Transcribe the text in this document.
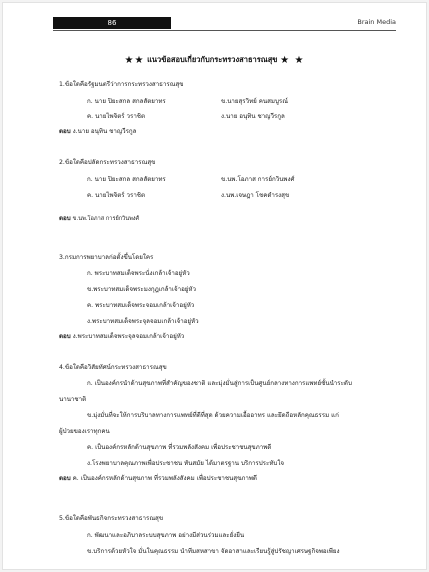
86	Brain Media
★★ แนวข้อสอบเกี่ยวกับกระทรวงสาธารณสุข ★ ★
1.ข้อใดคือรัฐมนตรีว่าการกระทรวงสาธารณสุข
ก. นาย ปิยะสกล สกลสัตยาทร	ข.นายสุรวิทย์ คนสมบูรณ์
ค. นายไพจิตร์ วราชิต	ง.นาย อนุทิน ชาญวีรกูล
ตอบ ง.นาย อนุทิน ชาญวีรกูล
2.ข้อใดคือปลัดกระทรวงสาธารณสุข
ก. นาย ปิยะสกล สกลสัตยาทร	ข.นพ.โอภาส การย์กวินพงศ์
ค. นายไพจิตร์ วราชิต	ง.นพ.เจษฎา โชคดำรงสุข
ตอบ ข.นพ.โอภาส การย์กวินพงศ์
3.กรมการพยาบาลก่อตั้งขึ้นโดยใคร
ก. พระบาทสมเด็จพระนั่งเกล้าเจ้าอยู่หัว
ข.พระบาทสมเด็จพระมงกุฎเกล้าเจ้าอยู่หัว
ค. พระบาทสมเด็จพระจอมเกล้าเจ้าอยู่หัว
ง.พระบาทสมเด็จพระจุลจอมเกล้าเจ้าอยู่หัว
ตอบ ง.พระบาทสมเด็จพระจุลจอมเกล้าเจ้าอยู่หัว
4.ข้อใดคือวิสัยทัศน์กระทรวงสาธารณสุข
ก. เป็นองค์กรนำด้านสุขภาพที่สำคัญของชาติ และมุ่งมั่นสู่การเป็นศูนย์กลางทางการแพทย์ชั้นนำระดับ
นานาชาติ
ข.มุ่งมั่นที่จะให้การบริบาลทางการแพทย์ที่ดีที่สุด ด้วยความเอื้ออาทร และยึดถือหลักคุณธรรม แก่
ผู้ป่วยของเราทุกคน
ค. เป็นองค์กรหลักด้านสุขภาพ ที่รวมพลังสังคม เพื่อประชาชนสุขภาพดี
ง.โรงพยาบาลคุณภาพเพื่อประชาชน ทันสมัย ได้มาตรฐาน บริการประทับใจ
ตอบ ค. เป็นองค์กรหลักด้านสุขภาพ ที่รวมพลังสังคม เพื่อประชาชนสุขภาพดี
5.ข้อใดคือพันธกิจกระทรวงสาธารณสุข
ก. พัฒนาและอภิบาลระบบสุขภาพ อย่างมีส่วนร่วมและยั่งยืน
ข.บริการด้วยหัวใจ มั่นในคุณธรรม นำทีมสหสาขา จัดอาสาและเรียนรู้สู่ปรัชญาเศรษฐกิจพอเพียง
